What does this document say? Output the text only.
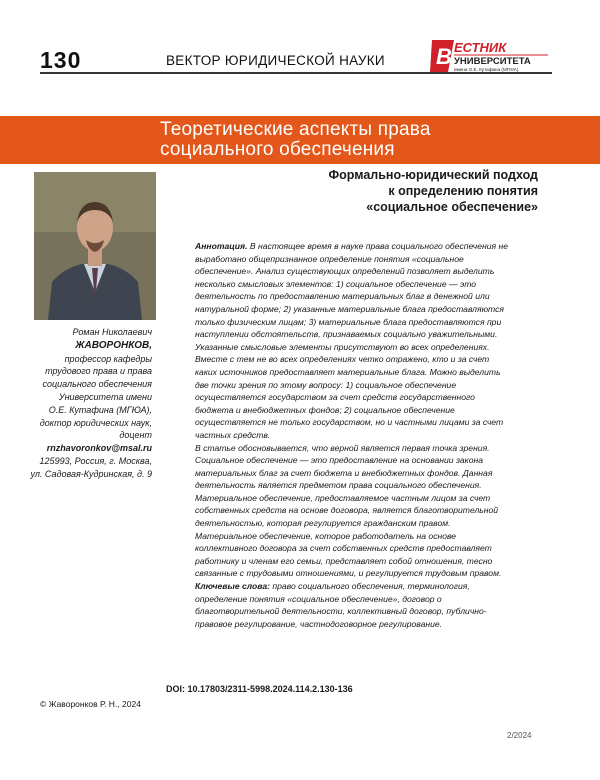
130	ВЕКТОР ЮРИДИЧЕСКОЙ НАУКИ В ЕСТНИК
УНИВЕРСИТЕТА
имени О.Е. Кутафина (МГЮА)
Теоретические аспекты права
социального обеспечения
Роман Николаевич
ЖАВОРОНКОВ,
профессор кафедры
трудового права и права
социального обеспечения
Университета имени
О.Е. Кутафина (МГЮА),
доктор юридических наук,
доцент
rnzhavoronkov@msal.ru
125993, Россия, г. Москва,
ул. Садовая-Кудринская, д. 9
Формально-юридический подход
к определению понятия
«социальное обеспечение»

Аннотация. В настоящее время в науке права социального обеспечения не выработано общепризнанное определение понятия «социальное обеспечение». Анализ существующих определений позволяет выделить несколько смысловых элементов: 1) социальное обеспечение — это деятельность по предоставлению материальных благ в денежной или натуральной форме; 2) указанные материальные блага предоставляются только физическим лицам; 3) материальные блага предоставляются при наступлении обстоятельств, признаваемых социально уважительными.

Указанные смысловые элементы присутствуют во всех определениях. Вместе с тем не во всех определениях четко отражено, кто и за счет каких источников предоставляет материальные блага. Можно выделить две точки зрения по этому вопросу: 1) социальное обеспечение осуществляется государством за счет средств государственного бюджета и внебюджетных фондов; 2) социальное обеспечение осуществляется не только государством, но и частными лицами за счет частных средств.

В статье обосновывается, что верной является первая точка зрения. Социальное обеспечение — это предоставление на основании закона материальных благ за счет бюджета и внебюджетных фондов. Данная деятельность является предметом права социального обеспечения.

Материальное обеспечение, предоставляемое частным лицом за счет собственных средств на основе договора, является благотворительной деятельностью, которая регулируется гражданским правом.

Материальное обеспечение, которое работодатель на основе коллективного договора за счет собственных средств предоставляет работнику и членам его семьи, представляет собой отношения, тесно связанные с трудовыми отношениями, и регулируется трудовым правом.

Ключевые слова: право социального обеспечения, терминология, определение понятия «социальное обеспечение», договор о благотворительной деятельности, коллективный договор, публично-правовое регулирование, частнодоговорное регулирование.

DOI: 10.17803/2311-5998.2024.114.2.130-136
© Жаворонков Р. Н., 2024
2/2024
